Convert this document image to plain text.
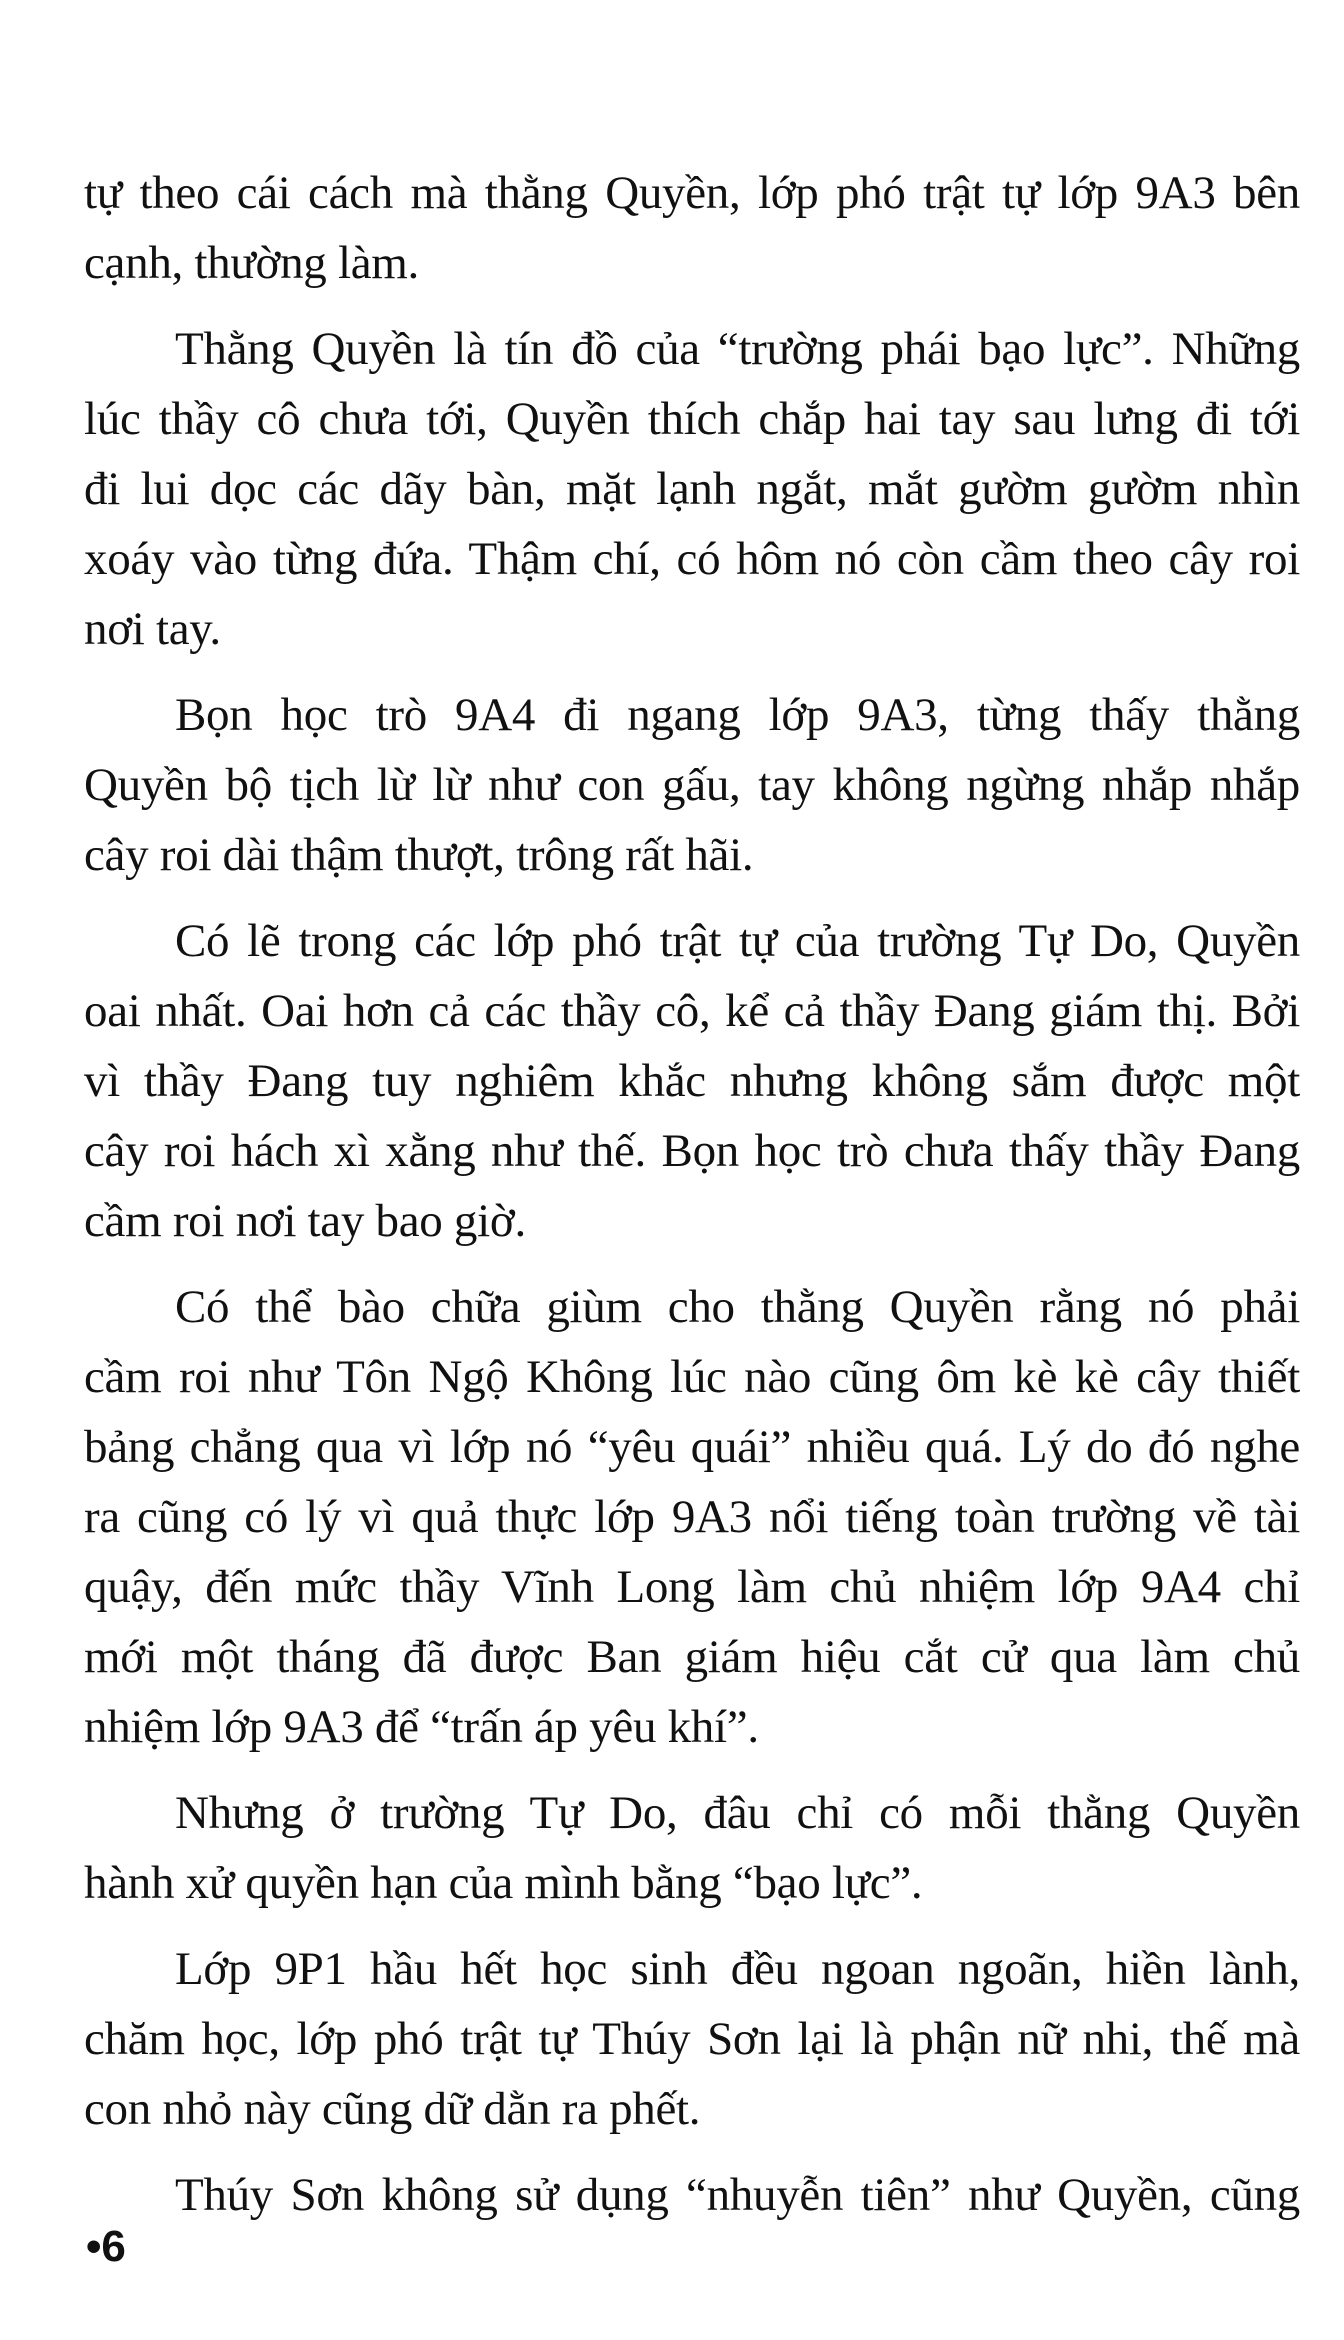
tự theo cái cách mà thằng Quyền, lớp phó trật tự lớp 9A3 bên
cạnh, thường làm.
Thằng Quyền là tín đồ của “trường phái bạo lực”. Những
lúc thầy cô chưa tới, Quyền thích chắp hai tay sau lưng đi tới
đi lui dọc các dãy bàn, mặt lạnh ngắt, mắt gườm gườm nhìn
xoáy vào từng đứa. Thậm chí, có hôm nó còn cầm theo cây roi
nơi tay.
Bọn học trò 9A4 đi ngang lớp 9A3, từng thấy thằng
Quyền bộ tịch lừ lừ như con gấu, tay không ngừng nhắp nhắp
cây roi dài thậm thượt, trông rất hãi.
Có lẽ trong các lớp phó trật tự của trường Tự Do, Quyền
oai nhất. Oai hơn cả các thầy cô, kể cả thầy Đang giám thị. Bởi
vì thầy Đang tuy nghiêm khắc nhưng không sắm được một
cây roi hách xì xằng như thế. Bọn học trò chưa thấy thầy Đang
cầm roi nơi tay bao giờ.
Có thể bào chữa giùm cho thằng Quyền rằng nó phải
cầm roi như Tôn Ngộ Không lúc nào cũng ôm kè kè cây thiết
bảng chẳng qua vì lớp nó “yêu quái” nhiều quá. Lý do đó nghe
ra cũng có lý vì quả thực lớp 9A3 nổi tiếng toàn trường về tài
quậy, đến mức thầy Vĩnh Long làm chủ nhiệm lớp 9A4 chỉ
mới một tháng đã được Ban giám hiệu cắt cử qua làm chủ
nhiệm lớp 9A3 để “trấn áp yêu khí”.
Nhưng ở trường Tự Do, đâu chỉ có mỗi thằng Quyền
hành xử quyền hạn của mình bằng “bạo lực”.
Lớp 9P1 hầu hết học sinh đều ngoan ngoãn, hiền lành,
chăm học, lớp phó trật tự Thúy Sơn lại là phận nữ nhi, thế mà
con nhỏ này cũng dữ dằn ra phết.
Thúy Sơn không sử dụng “nhuyễn tiên” như Quyền, cũng
•6
